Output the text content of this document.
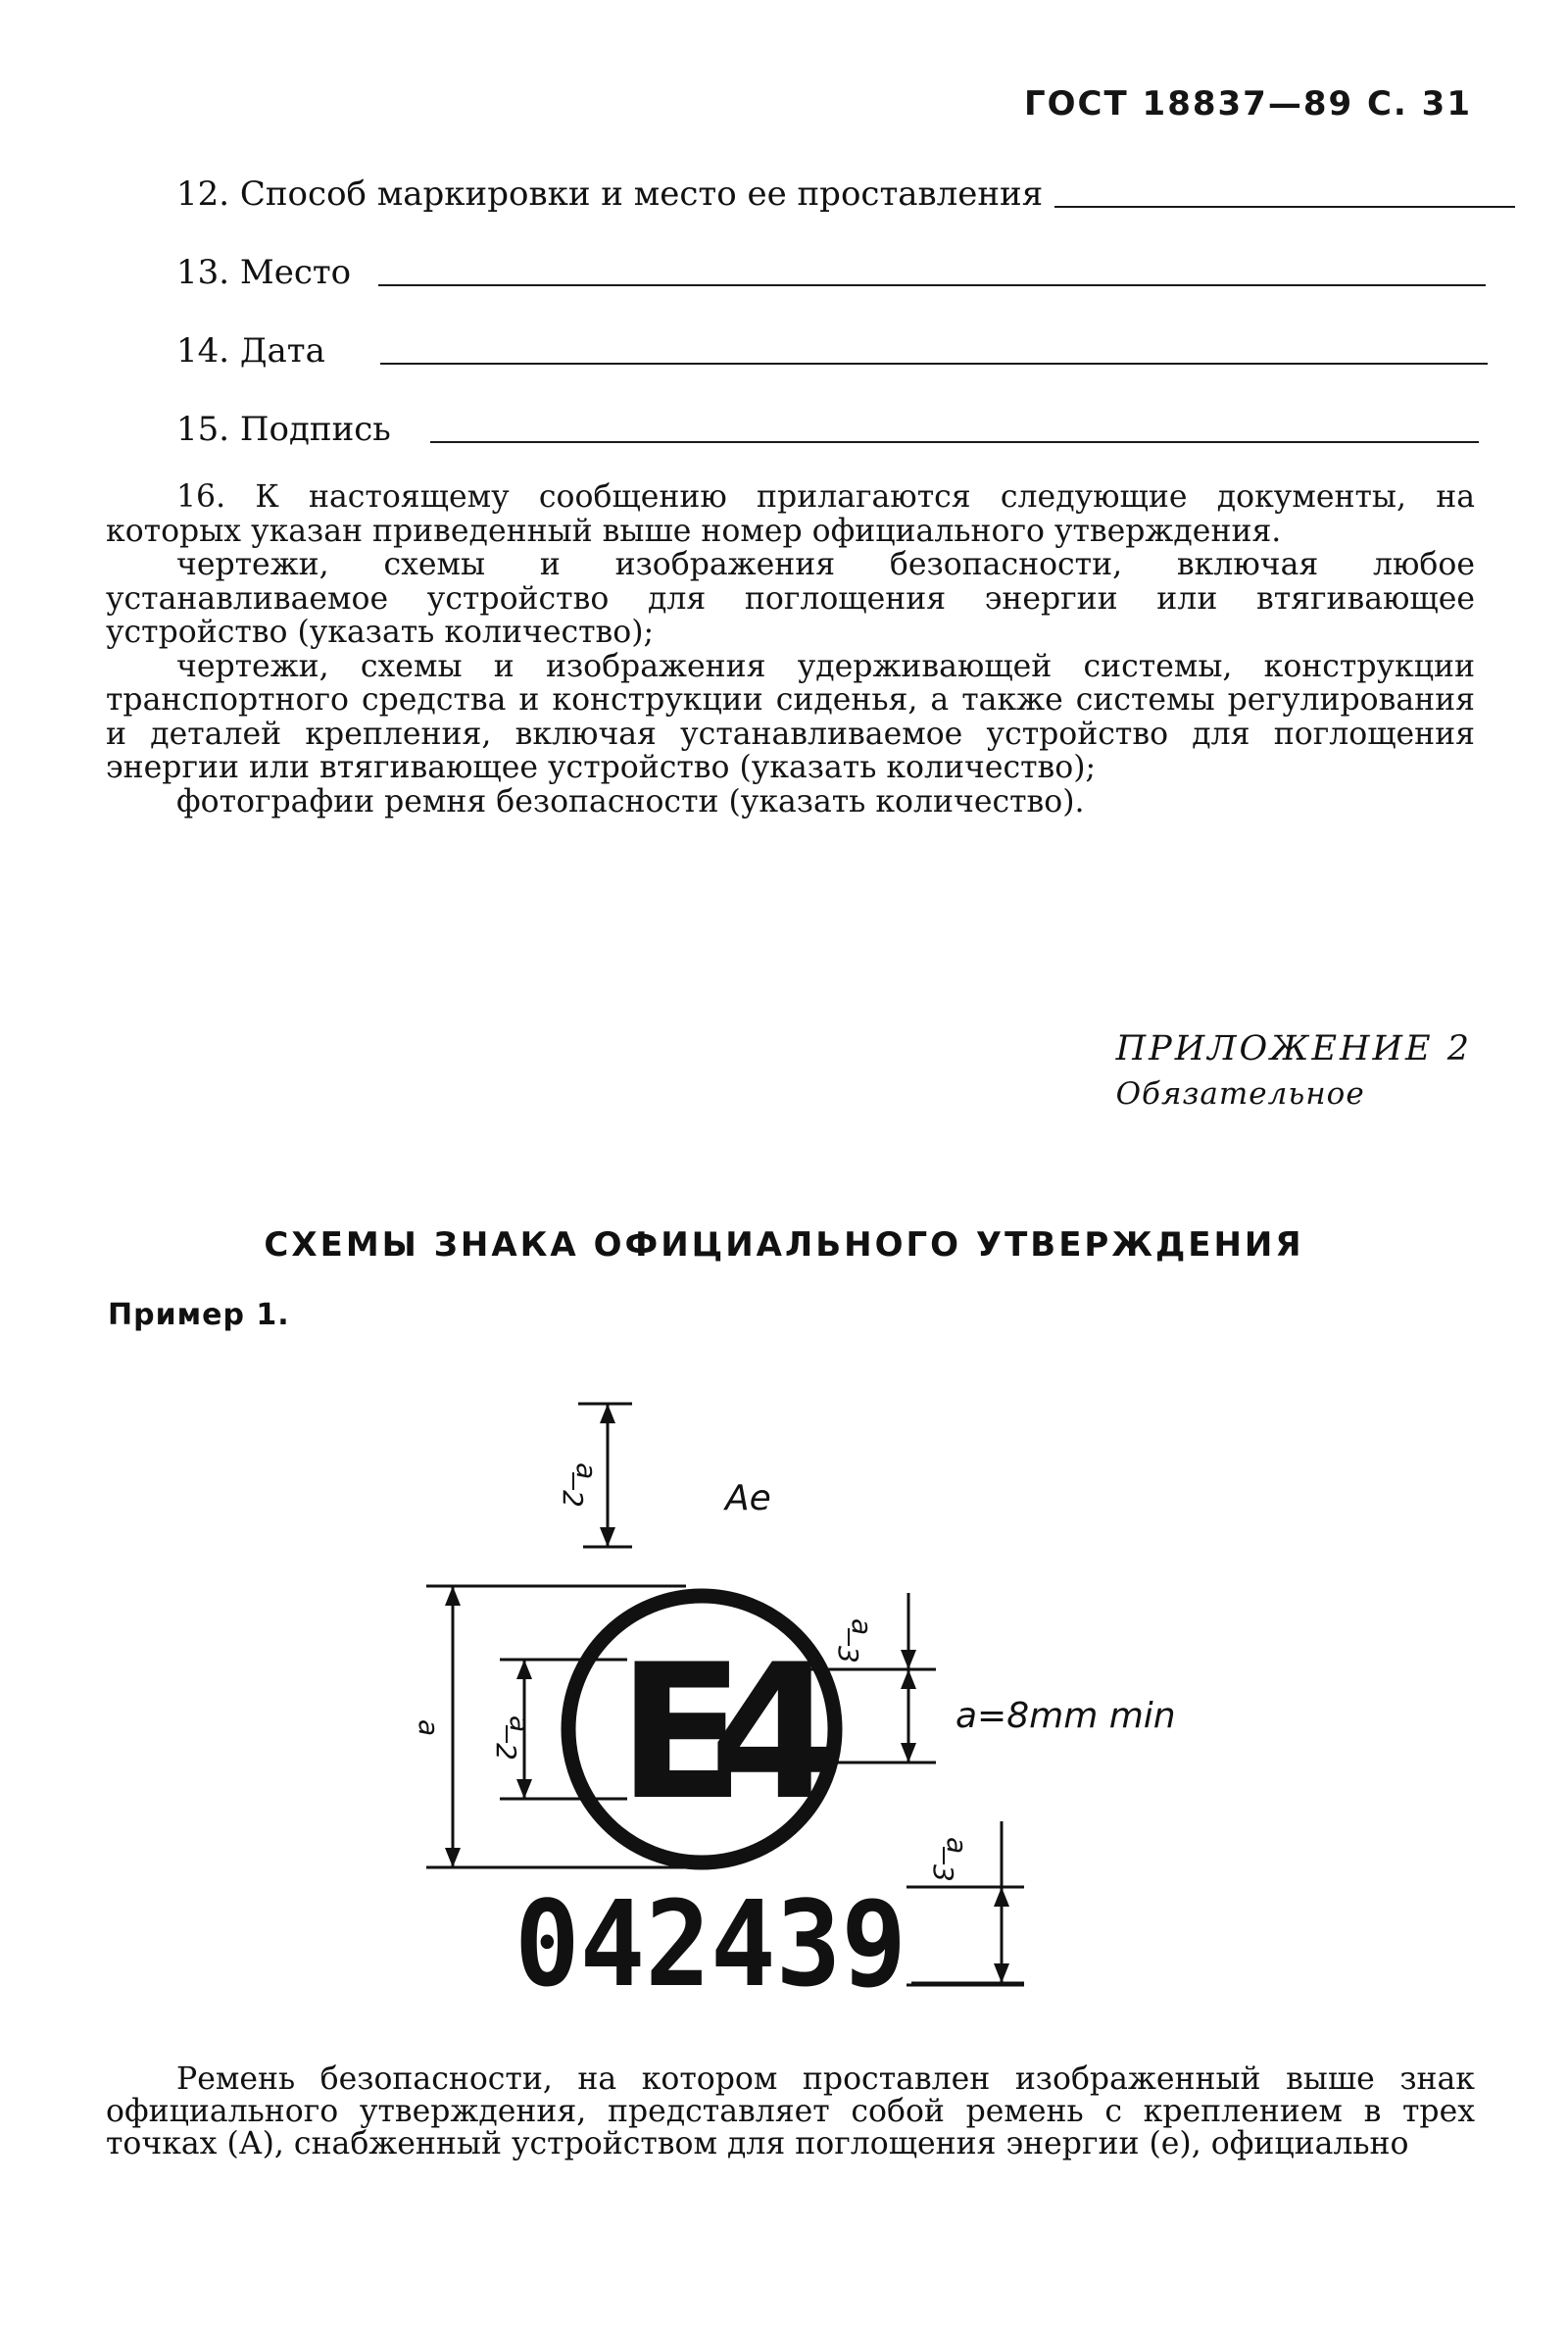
ГОСТ 18837—89 С. 31
12. Способ маркировки и место ее проставления
13. Место
14. Дата
15. Подпись

16. К настоящему сообщению прилагаются следующие документы, на которых указан приведенный выше номер официального утверждения.

чертежи, схемы и изображения безопасности, включая любое устанавливаемое устройство для поглощения энергии или втягивающее устройство (указать количество);

чертежи, схемы и изображения удерживающей системы, конструкции транспортного средства и конструкции сиденья, а также системы регулирования и деталей крепления, включая устанавливаемое устройство для поглощения энергии или втягивающее устройство (указать количество);

фотографии ремня безопасности (указать количество).

ПРИЛОЖЕНИЕ 2
Обязательное
СХЕМЫ ЗНАКА ОФИЦИАЛЬНОГО УТВЕРЖДЕНИЯ
Пример 1.
E
4
Ae
042439
a
2
a a
2
a
3
a
3
a=8mm min

Ремень безопасности, на котором проставлен изображенный выше знак официального утверждения, представляет собой ремень с креплением в трех точках (А), снабженный устройством для поглощения энергии (е), официально
